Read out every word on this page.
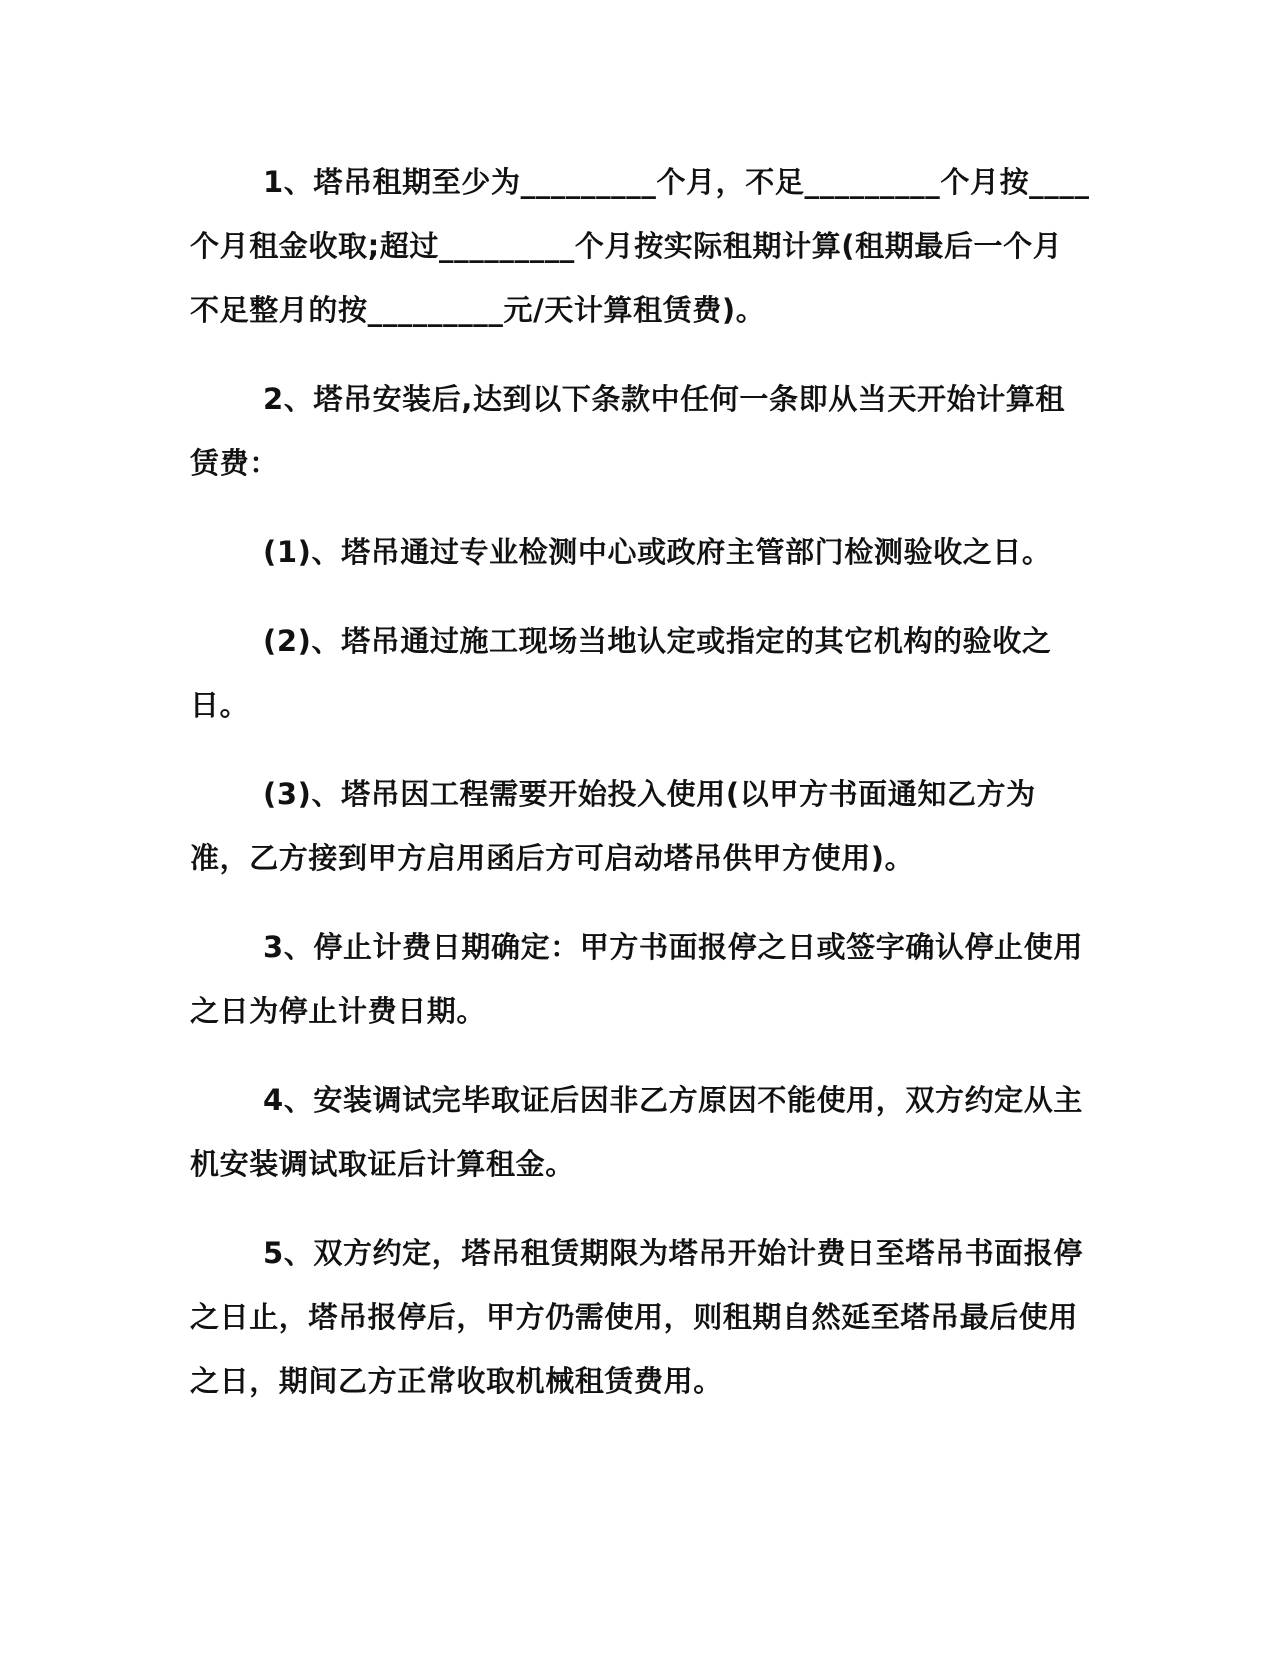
1、塔吊租期至少为_________个月，不足_________个月按____个月租金收取;超过_________个月按实际租期计算(租期最后一个月不足整月的按_________元/天计算租赁费)。

2、塔吊安装后,达到以下条款中任何一条即从当天开始计算租赁费：

(1)、塔吊通过专业检测中心或政府主管部门检测验收之日。

(2)、塔吊通过施工现场当地认定或指定的其它机构的验收之日。

(3)、塔吊因工程需要开始投入使用(以甲方书面通知乙方为准，乙方接到甲方启用函后方可启动塔吊供甲方使用)。

3、停止计费日期确定：甲方书面报停之日或签字确认停止使用之日为停止计费日期。

4、安装调试完毕取证后因非乙方原因不能使用，双方约定从主机安装调试取证后计算租金。

5、双方约定，塔吊租赁期限为塔吊开始计费日至塔吊书面报停之日止，塔吊报停后，甲方仍需使用，则租期自然延至塔吊最后使用之日，期间乙方正常收取机械租赁费用。
